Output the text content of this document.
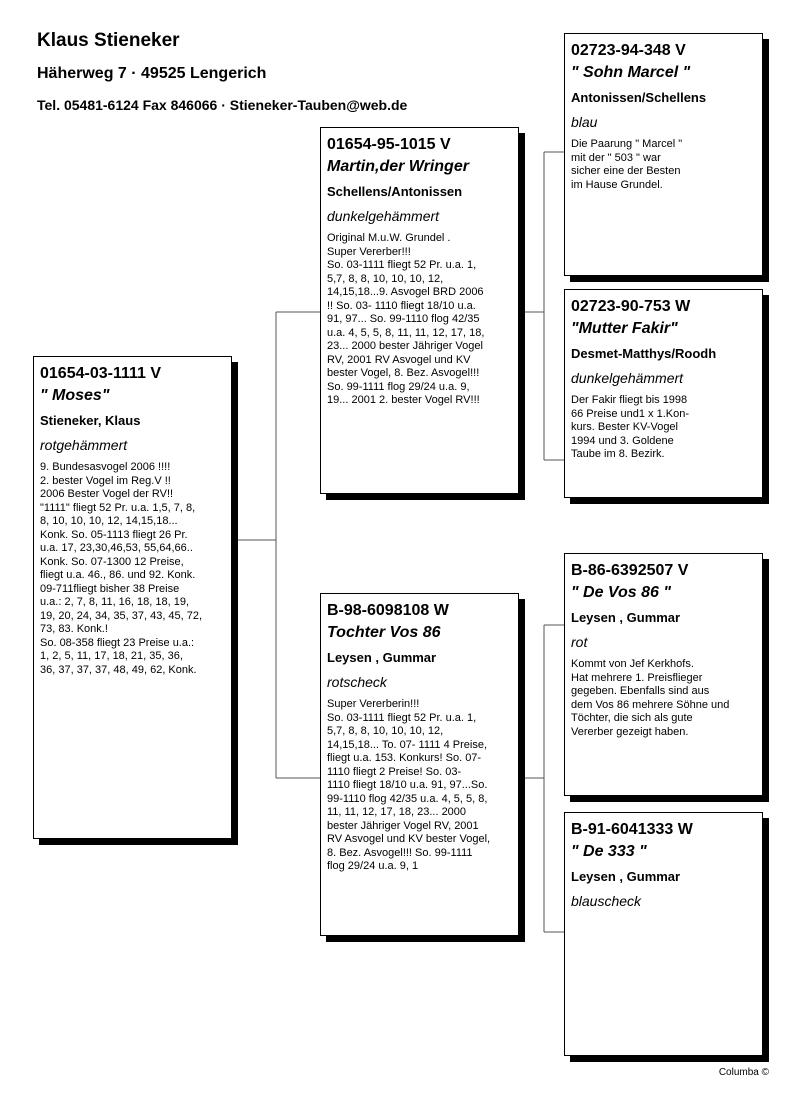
Klaus Stieneker
Häherweg 7 · 49525 Lengerich
Tel. 05481-6124 Fax 846066 · Stieneker-Tauben@web.de
01654-03-1111 V
" Moses"
Stieneker, Klaus
rotgehämmert
9. Bundesasvogel 2006 !!!!
2. bester Vogel im Reg.V !!
2006 Bester Vogel der RV!!
"1111" fliegt 52 Pr. u.a. 1,5, 7, 8,
8, 10, 10, 10, 12, 14,15,18...
Konk. So. 05-1113 fliegt 26 Pr.
u.a. 17, 23,30,46,53, 55,64,66..
Konk. So. 07-1300 12 Preise,
fliegt u.a. 46., 86. und 92. Konk.
09-711fliegt bisher 38 Preise
u.a.: 2, 7, 8, 11, 16, 18, 18, 19,
19, 20, 24, 34, 35, 37, 43, 45, 72,
73, 83. Konk.!
So. 08-358 fliegt 23 Preise u.a.:
1, 2, 5, 11, 17, 18, 21, 35, 36,
36, 37, 37, 37, 48, 49, 62, Konk.
01654-95-1015 V
Martin,der Wringer
Schellens/Antonissen
dunkelgehämmert
Original M.u.W. Grundel .
Super Vererber!!!
So. 03-1111 fliegt 52 Pr. u.a. 1,
5,7, 8, 8, 10, 10, 10, 12,
14,15,18...9. Asvogel BRD 2006
!! So. 03- 1110 fliegt 18/10 u.a.
91, 97... So. 99-1110 flog 42/35
u.a. 4, 5, 5, 8, 11, 11, 12, 17, 18,
23... 2000 bester Jähriger Vogel
RV, 2001 RV Asvogel und KV
bester Vogel, 8. Bez. Asvogel!!!
So. 99-1111 flog 29/24 u.a. 9,
19... 2001 2. bester Vogel RV!!!
B-98-6098108 W
Tochter Vos 86
Leysen , Gummar
rotscheck
Super Vererberin!!!
So. 03-1111 fliegt 52 Pr. u.a. 1,
5,7, 8, 8, 10, 10, 10, 12,
14,15,18... To. 07- 1111 4 Preise,
fliegt u.a. 153. Konkurs! So. 07-
1110 fliegt 2 Preise! So. 03-
1110 fliegt 18/10 u.a. 91, 97...So.
99-1110 flog 42/35 u.a. 4, 5, 5, 8,
11, 11, 12, 17, 18, 23... 2000
bester Jähriger Vogel RV, 2001
RV Asvogel und KV bester Vogel,
8. Bez. Asvogel!!! So. 99-1111
flog 29/24 u.a. 9, 1
02723-94-348 V
" Sohn Marcel "
Antonissen/Schellens
blau
Die Paarung " Marcel "
mit der " 503 " war
sicher eine der Besten
im Hause Grundel.
02723-90-753 W
"Mutter Fakir"
Desmet-Matthys/Roodh
dunkelgehämmert
Der Fakir fliegt bis 1998
66 Preise und1 x 1.Kon-
kurs. Bester KV-Vogel
1994 und 3. Goldene
Taube im 8. Bezirk.
B-86-6392507 V
" De Vos 86 "
Leysen , Gummar
rot
Kommt von Jef Kerkhofs.
Hat mehrere 1. Preisflieger
gegeben. Ebenfalls sind aus
dem Vos 86 mehrere Söhne und
Töchter, die sich als gute
Vererber gezeigt haben.
B-91-6041333 W
" De 333 "
Leysen , Gummar
blauscheck
Columba ©
